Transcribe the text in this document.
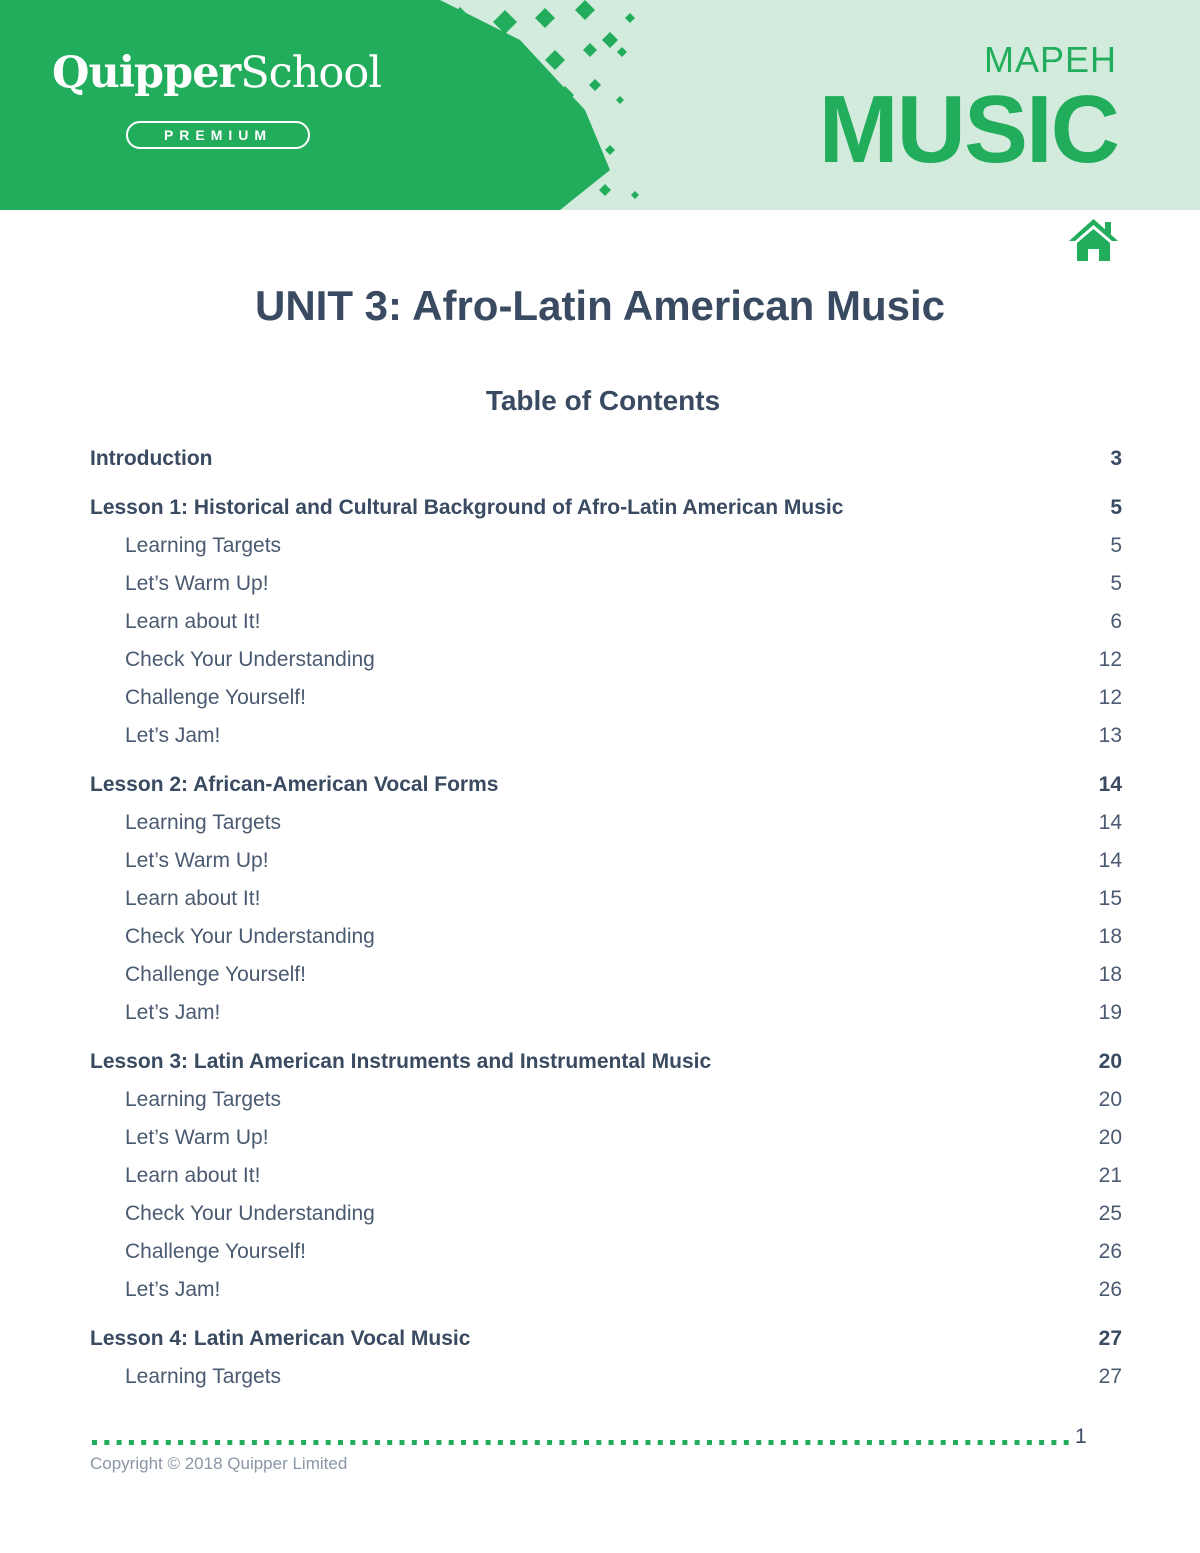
QuipperSchool
PREMIUM
MAPEH
MUSIC
UNIT 3: Afro-Latin American Music
Table of Contents
Introduction	3
Lesson 1: Historical and Cultural Background of Afro-Latin American Music	5
Learning Targets	5
Let’s Warm Up!	5
Learn about It!	6
Check Your Understanding	12
Challenge Yourself!	12
Let’s Jam!	13
Lesson 2: African-American Vocal Forms	14
Learning Targets	14
Let’s Warm Up!	14
Learn about It!	15
Check Your Understanding	18
Challenge Yourself!	18
Let’s Jam!	19
Lesson 3: Latin American Instruments and Instrumental Music	20
Learning Targets	20
Let’s Warm Up!	20
Learn about It!	21
Check Your Understanding	25
Challenge Yourself!	26
Let’s Jam!	26
Lesson 4: Latin American Vocal Music	27
Learning Targets	27
1
Copyright © 2018 Quipper Limited
